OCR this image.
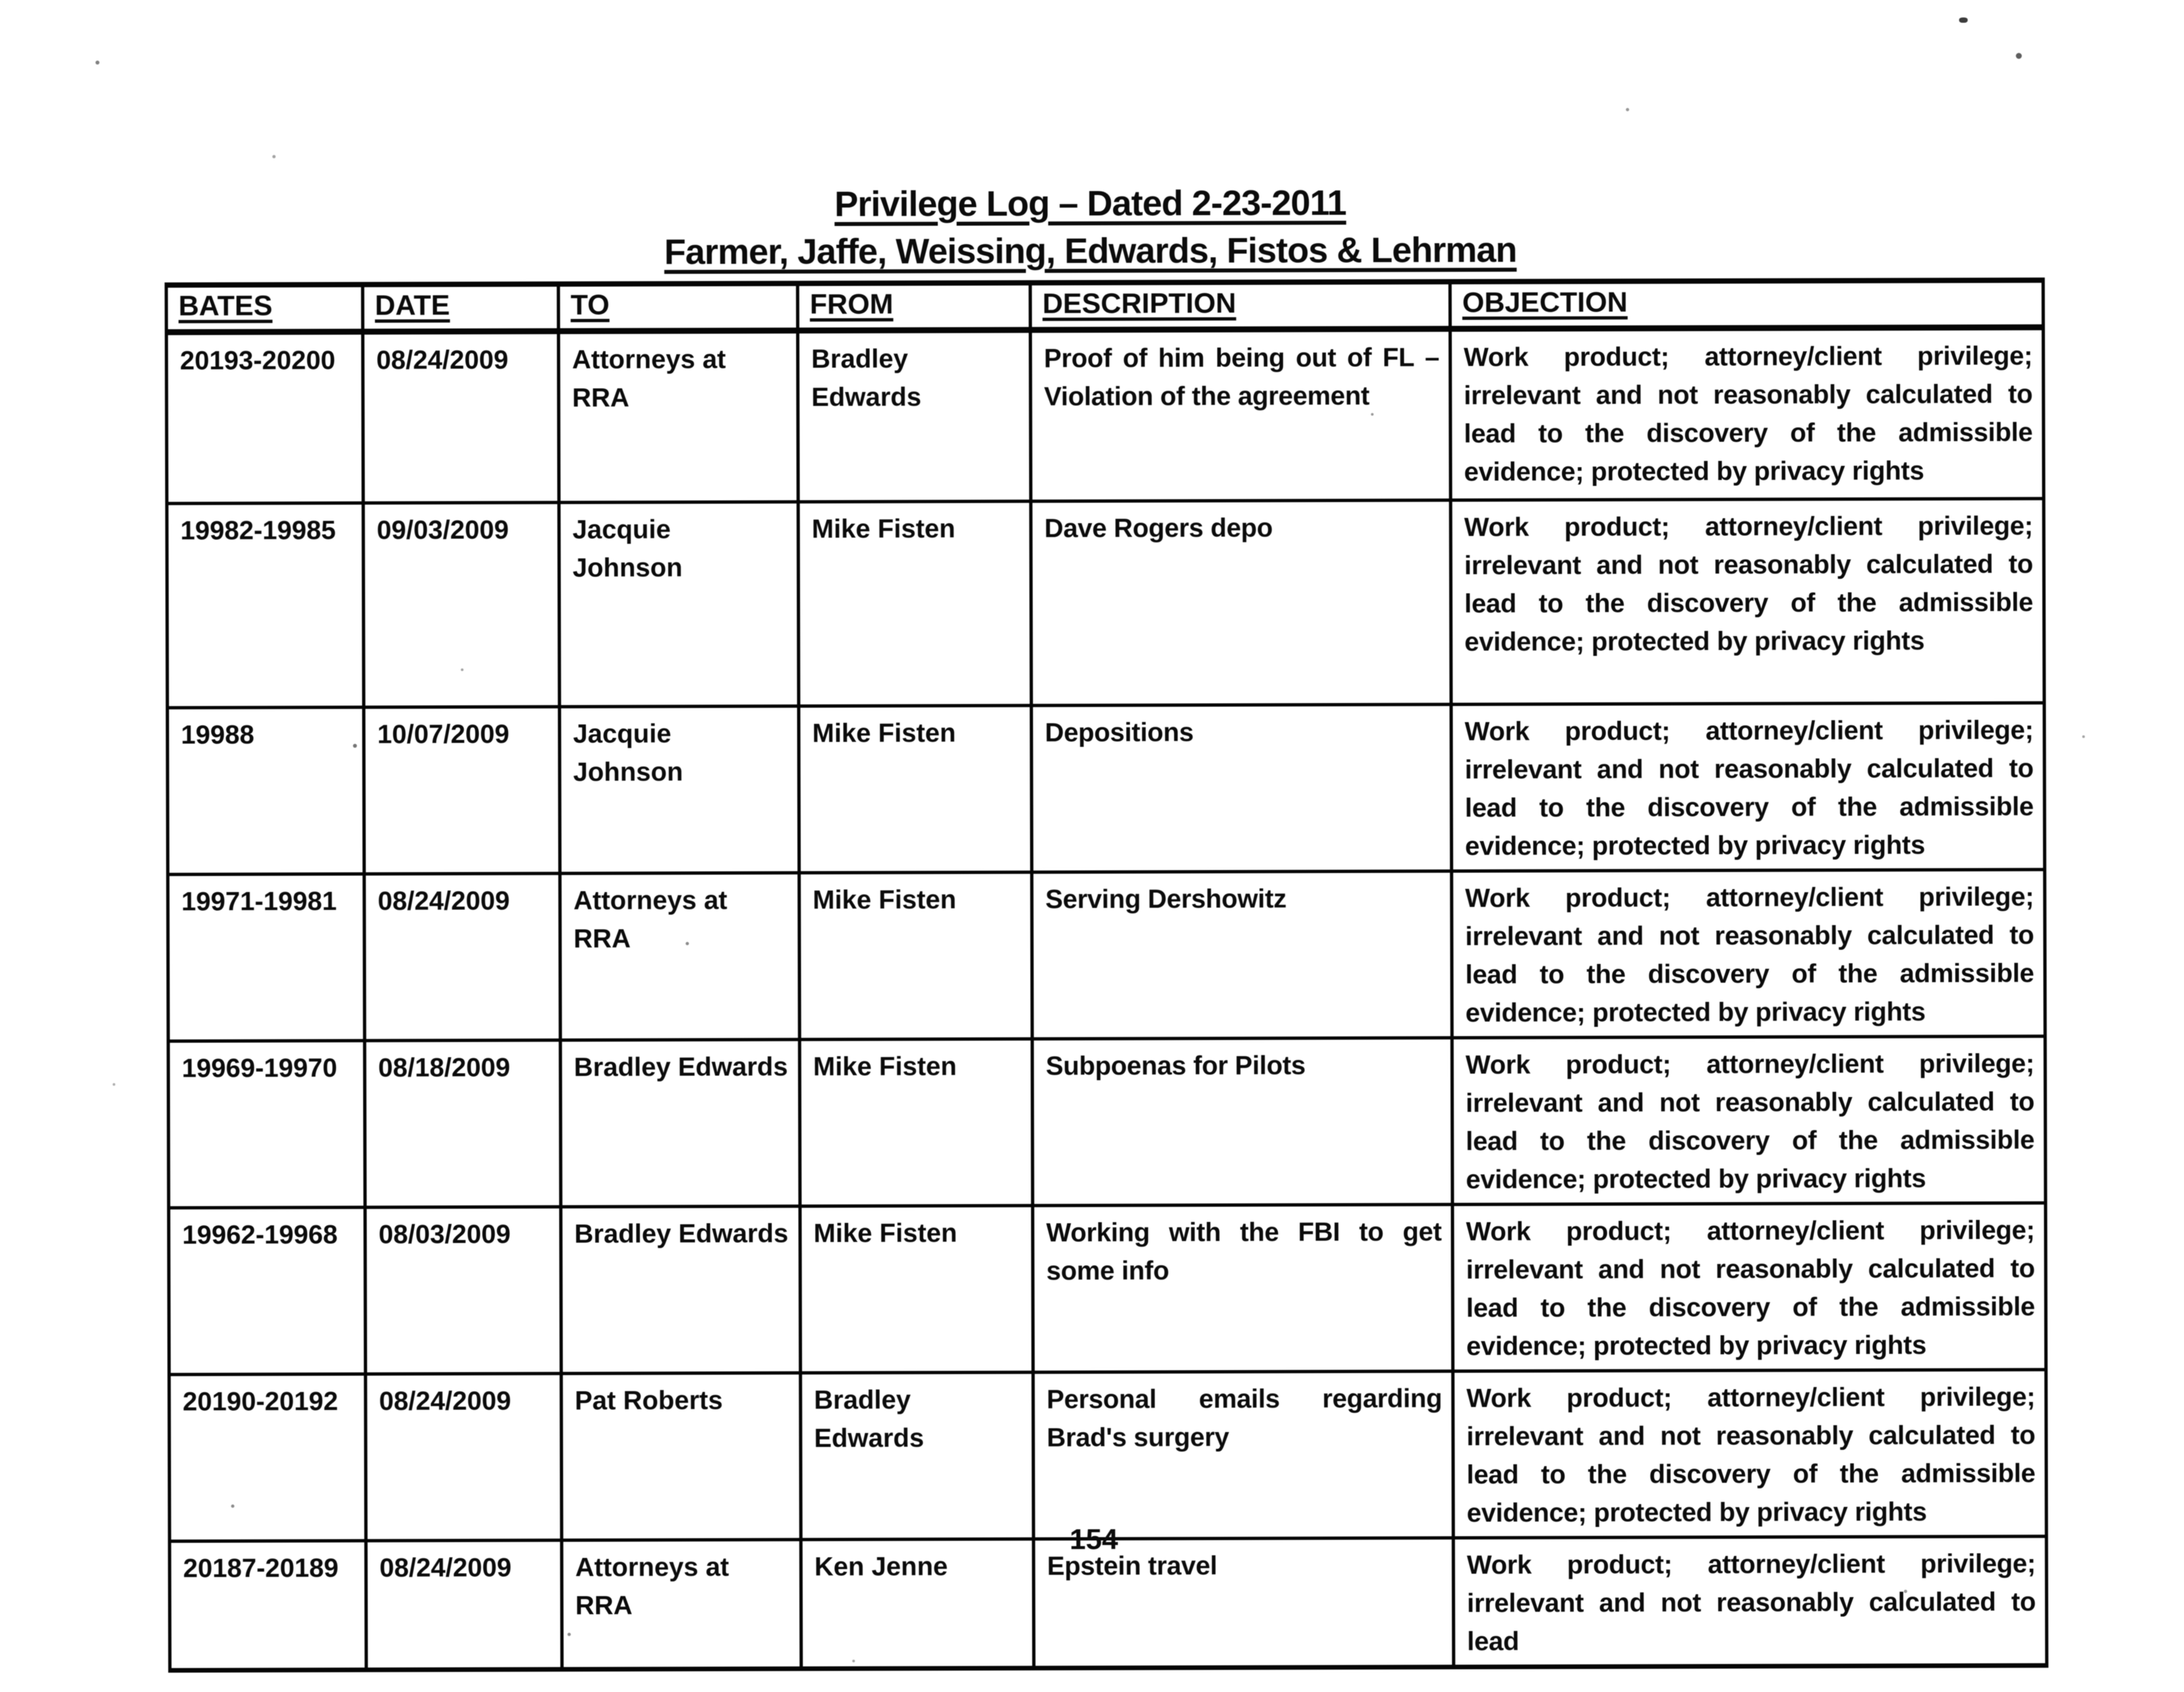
Privilege Log – Dated 2-23-2011
Farmer, Jaffe, Weissing, Edwards, Fistos & Lehrman
BATES	DATE	TO	FROM	DESCRIPTION	OBJECTION
20193-20200	08/24/2009	Attorneys at RRA	Bradley Edwards	Proof of him being out of FL – Violation of the agreement	Work product; attorney/client privilege; irrelevant and not reasonably calculated to lead to the discovery of the admissible evidence; protected by privacy rights
19982-19985	09/03/2009	Jacquie Johnson	Mike Fisten	Dave Rogers depo	Work product; attorney/client privilege; irrelevant and not reasonably calculated to lead to the discovery of the admissible evidence; protected by privacy rights
19988	10/07/2009	Jacquie Johnson	Mike Fisten	Depositions	Work product; attorney/client privilege; irrelevant and not reasonably calculated to lead to the discovery of the admissible evidence; protected by privacy rights
19971-19981	08/24/2009	Attorneys at RRA	Mike Fisten	Serving Dershowitz	Work product; attorney/client privilege; irrelevant and not reasonably calculated to lead to the discovery of the admissible evidence; protected by privacy rights
19969-19970	08/18/2009	Bradley Edwards	Mike Fisten	Subpoenas for Pilots	Work product; attorney/client privilege; irrelevant and not reasonably calculated to lead to the discovery of the admissible evidence; protected by privacy rights
19962-19968	08/03/2009	Bradley Edwards	Mike Fisten	Working with the FBI to get some info	Work product; attorney/client privilege; irrelevant and not reasonably calculated to lead to the discovery of the admissible evidence; protected by privacy rights
20190-20192	08/24/2009	Pat Roberts	Bradley Edwards	Personal emails regarding Brad's surgery	Work product; attorney/client privilege; irrelevant and not reasonably calculated to lead to the discovery of the admissible evidence; protected by privacy rights
20187-20189	08/24/2009	Attorneys at RRA	Ken Jenne	Epstein travel	Work product; attorney/client privilege; irrelevant and not reasonably calculated to lead
154
